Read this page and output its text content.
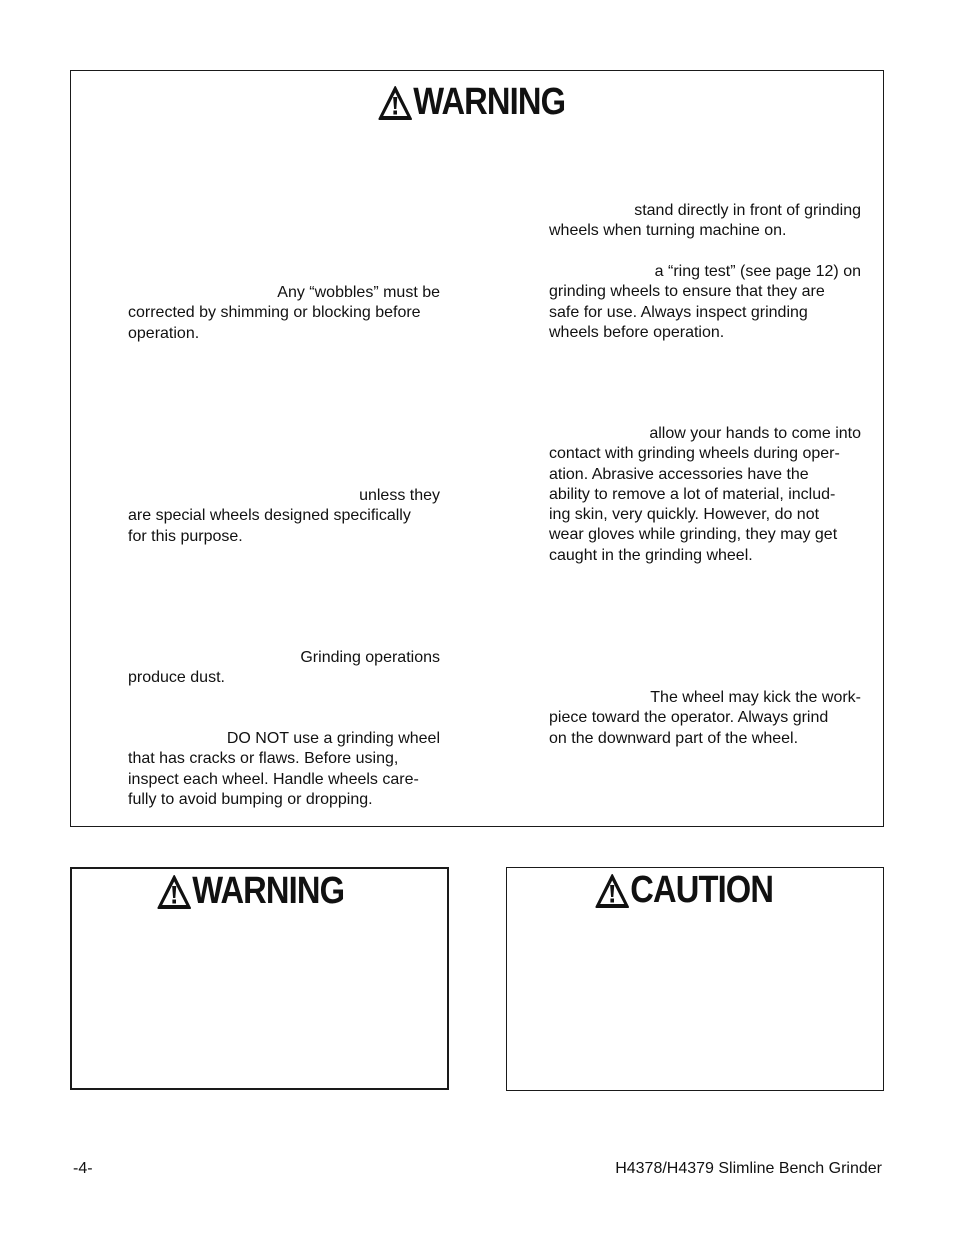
WARNING

Any “wobbles” must be
corrected by shimming or blocking before
operation.

unless they
are special wheels designed specifically
for this purpose.

Grinding operations
produce dust.

DO NOT use a grinding wheel
that has cracks or flaws. Before using,
inspect each wheel. Handle wheels care-
fully to avoid bumping or dropping.

stand directly in front of grinding
wheels when turning machine on.

a “ring test” (see page 12) on
grinding wheels to ensure that they are
safe for use. Always inspect grinding
wheels before operation.

allow your hands to come into
contact with grinding wheels during oper-
ation. Abrasive accessories have the
ability to remove a lot of material, includ-
ing skin, very quickly. However, do not
wear gloves while grinding, they may get
caught in the grinding wheel.

The wheel may kick the work-
piece toward the operator. Always grind
on the downward part of the wheel.

WARNING	CAUTION
-4-	H4378/H4379 Slimline Bench Grinder
